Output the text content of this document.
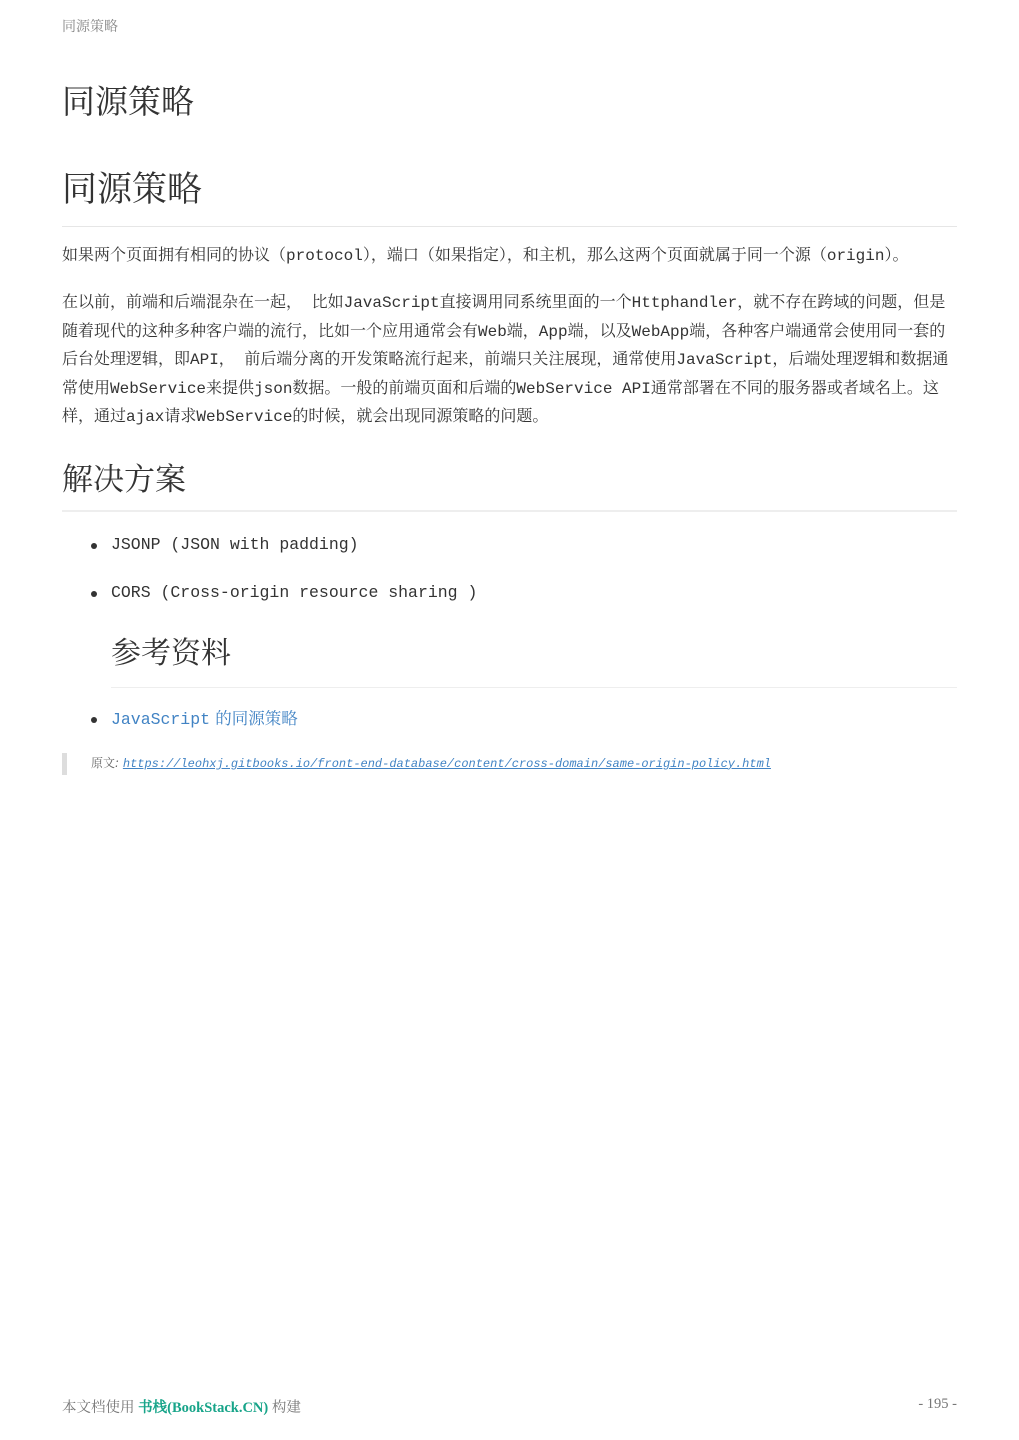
同源策略
同源策略
同源策略

如果两个页面拥有相同的协议（protocol），端口（如果指定），和主机，那么这两个页面就属于同一个源（origin）。

在以前，前端和后端混杂在一起， 比如JavaScript直接调用同系统里面的一个Httphandler，就不存在跨域的问题，但是随着现代的这种多种客户端的流行，比如一个应用通常会有Web端，App端，以及WebApp端，各种客户端通常会使用同一套的后台处理逻辑，即API， 前后端分离的开发策略流行起来，前端只关注展现，通常使用JavaScript，后端处理逻辑和数据通常使用WebService来提供json数据。一般的前端页面和后端的WebService API通常部署在不同的服务器或者域名上。这样，通过ajax请求WebService的时候，就会出现同源策略的问题。

解决方案
JSONP (JSON with padding)
CORS (Cross-origin resource sharing )
参考资料
JavaScript 的同源策略
原文: https://leohxj.gitbooks.io/front-end-database/content/cross-domain/same-origin-policy.html
本文档使用 书栈(BookStack.CN) 构建	- 195 -
